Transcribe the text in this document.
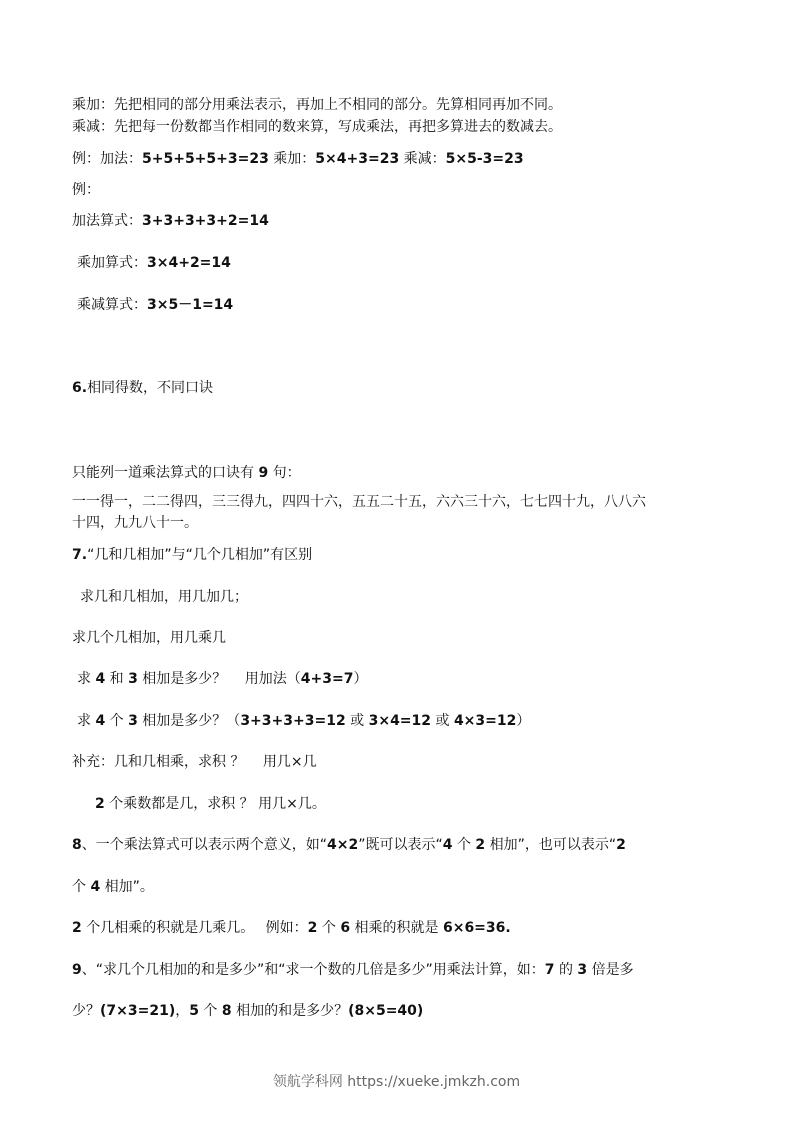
乘加：先把相同的部分用乘法表示，再加上不相同的部分。先算相同再加不同。
乘减：先把每一份数都当作相同的数来算，写成乘法，再把多算进去的数减去。
例：加法：5+5+5+5+3=23 乘加：5×4+3=23 乘减：5×5-3=23
例：
加法算式：3+3+3+3+2=14
乘加算式：3×4+2=14
乘减算式：3×5－1=14
6.相同得数，不同口诀
只能列一道乘法算式的口诀有 9 句：
一一得一，二二得四，三三得九，四四十六，五五二十五，六六三十六，七七四十九，八八六
十四，九九八十一。
7.“几和几相加”与“几个几相加”有区别
求几和几相加，用几加几；
求几个几相加，用几乘几
求 4 和 3 相加是多少？　 用加法（4+3=7）
求 4 个 3 相加是多少？（3+3+3+3=12 或 3×4=12 或 4×3=12）
补充：几和几相乘，求积 ？　 用几×几
2 个乘数都是几，求积 ？ 用几×几。
8、一个乘法算式可以表示两个意义，如“4×2”既可以表示“4 个 2 相加”，也可以表示“2
个 4 相加”。
2 个几相乘的积就是几乘几。　 例如：2 个 6 相乘的积就是 6×6=36.
9、“求几个几相加的和是多少”和“求一个数的几倍是多少”用乘法计算，如：7 的 3 倍是多
少？(7×3=21)，5 个 8 相加的和是多少？(8×5=40)
领航学科网 https://xueke.jmkzh.com
